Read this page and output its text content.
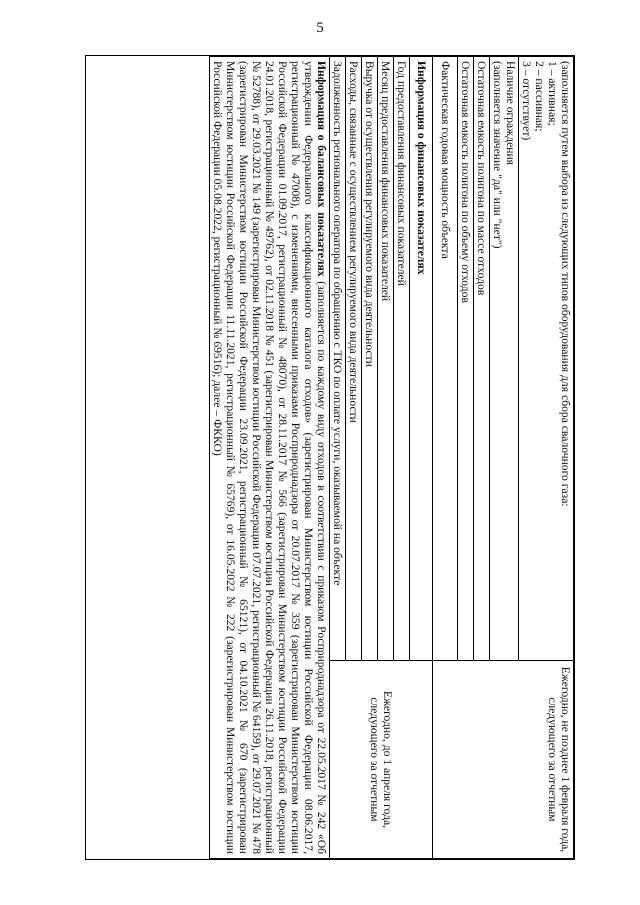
5
(заполняется путем выбора из следующих типов оборудования для сбора свалочного газа:
1 – активная;
2 – пассивная;
3 – отсутствует)	Ежегодно, не позднее 1 февраля года, следующего за отчетным

Наличие ограждения
(заполняется значение "да" или "нет")	

Остаточная емкость полигона по массе отходов	
Остаточная емкость полигона по объему отходов	
Фактическая годовая мощность объекта	
Информация о финансовых показателях	Ежегодно, до 1 апреля года, следующего за отчетным
Год предоставления финансовых показателей	
Месяц предоставления финансовых показателей	
Выручка от осуществления регулируемого вида деятельности	
Расходы, связанные с осуществлением регулируемого вида деятельности	
Задолженность регионального оператора по обращению с ТКО по оплате услуги, оказываемой на объекте	
Информация о балансовых показателях (заполняется по каждому виду отходов в соответствии с приказом Росприроднадзора от 22.05.2017 № 242 «Об утверждении Федерального классификационного каталога отходов» (зарегистрирован Министерством юстиции Российской Федерации 08.06.2017, регистрационный № 47008), с изменениями, внесенными приказами Росприроднадзора от 20.07.2017 № 359 (зарегистрирован Министерством юстиции Российской Федерации 01.09.2017, регистрационный № 48070), от 28.11.2017 № 566 (зарегистрирован Министерством юстиции Российской Федерации 24.01.2018, регистрационный № 49762), от 02.11.2018 № 451 (зарегистрирован Министерством юстиции Российской Федерации 26.11.2018, регистрационный № 52788), от 29.03.2021 № 149 (зарегистрирован Министерством юстиции Российской Федерации 07.07.2021, регистрационный № 64159), от 29.07.2021 № 478 (зарегистрирован Министерством юстиции Российской Федерации 23.09.2021, регистрационный № 65121), от 04.10.2021 № 670 (зарегистрирован Министерством юстиции Российской Федерации 11.11.2021, регистрационный № 65769), от 16.05.2022 № 222 (зарегистрирован Министерством юстиции Российской Федерации 05.08.2022, регистрационный № 69516); далее – ФККО)	
